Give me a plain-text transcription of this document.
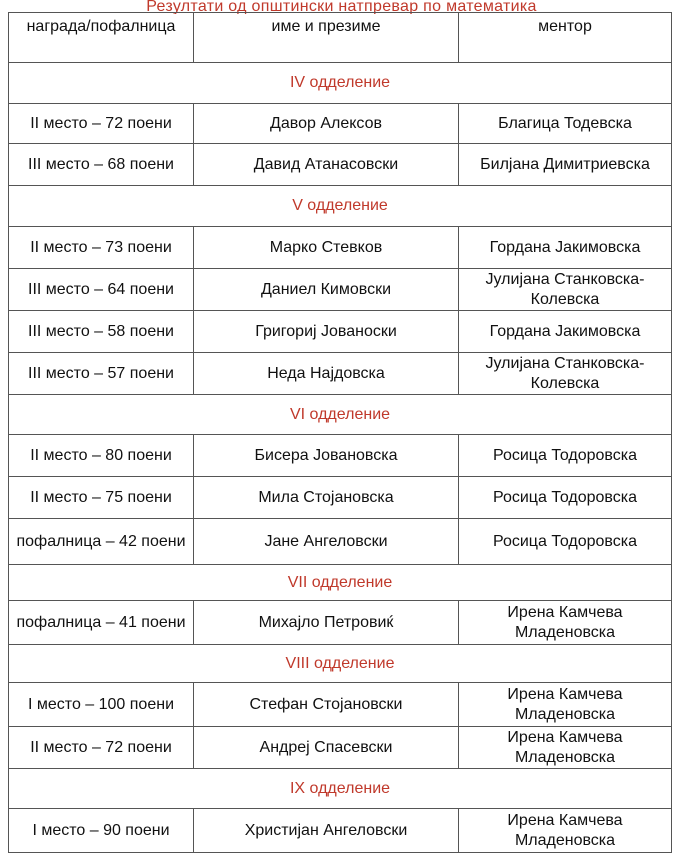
Резултати од општински натпревар по математика
награда/пофалница	име и презиме	ментор
IV одделение		
II место – 72 поени	Давор Алексов	Благица Тодевска
III место – 68 поени	Давид Атанасовски	Билјана Димитриевска
V одделение		
II место – 73 поени	Марко Стевков	Гордана Јакимовска
III место – 64 поени	Даниел Кимовски	Јулијана Станковска-Колевска
III место – 58 поени	Григориј Јованоски	Гордана Јакимовска
III место – 57 поени	Неда Најдовска	Јулијана Станковска-Колевска
VI одделение		
II место – 80 поени	Бисера Јовановска	Росица Тодоровска
II место – 75 поени	Мила Стојановска	Росица Тодоровска
пофалница – 42 поени	Јане Ангеловски	Росица Тодоровска
VII одделение		
пофалница – 41 поени	Михајло Петровиќ	Ирена Камчева Младеновска
VIII одделение		
I место – 100 поени	Стефан Стојановски	Ирена Камчева Младеновска
II место – 72 поени	Андреј Спасевски	Ирена Камчева Младеновска
IX одделение		
I место – 90 поени	Христијан Ангеловски	Ирена Камчева Младеновска
